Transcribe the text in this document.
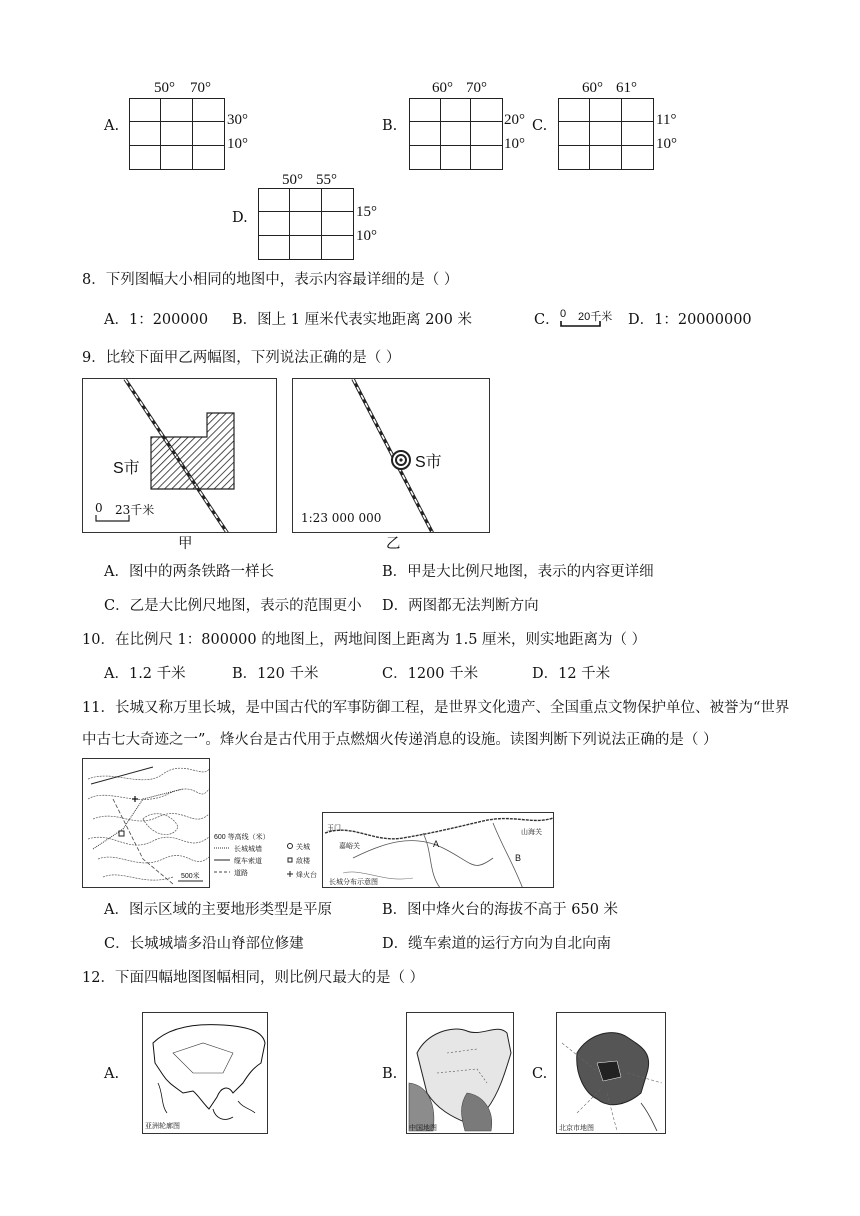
A.
50° 70°
30°
10°
B.
60° 70°
20°
10°
C.
60° 61°
11°
10°
D.
50° 55°
15°
10°
8．下列图幅大小相同的地图中，表示内容最详细的是（ ）
A．1：200000 B．图上 1 厘米代表实地距离 200 米	C． 0 20千米 D．1：20000000
9．比较下面甲乙两幅图，下列说法正确的是（ ）
S市
0 23千米
甲
S市
1:23 000 000
乙
A．图中的两条铁路一样长	B．甲是大比例尺地图，表示的内容更详细
C．乙是大比例尺地图，表示的范围更小 D．两图都无法判断方向
10．在比例尺 1：800000 的地图上，两地间图上距离为 1.5 厘米，则实地距离为（ ）
A．1.2 千米	B．120 千米	C．1200 千米	D．12 千米
11．长城又称万里长城，是中国古代的军事防御工程，是世界文化遗产、全国重点文物保护单位、被誉为“世界
中古七大奇迹之一”。烽火台是古代用于点燃烟火传递消息的设施。读图判断下列说法正确的是（ ）
500米
600 等高线（米）
长城城墙
缆车索道
道路
关城
敌楼
烽火台
A
B
玉门
嘉峪关
山海关
长城分布示意图
A．图示区域的主要地形类型是平原	B．图中烽火台的海拔不高于 650 米
C．长城城墙多沿山脊部位修建	D．缆车索道的运行方向为自北向南
12．下面四幅地图图幅相同，则比例尺最大的是（ ）
A.
亚洲轮廓图
B.
中国地图
C.
北京市地图
